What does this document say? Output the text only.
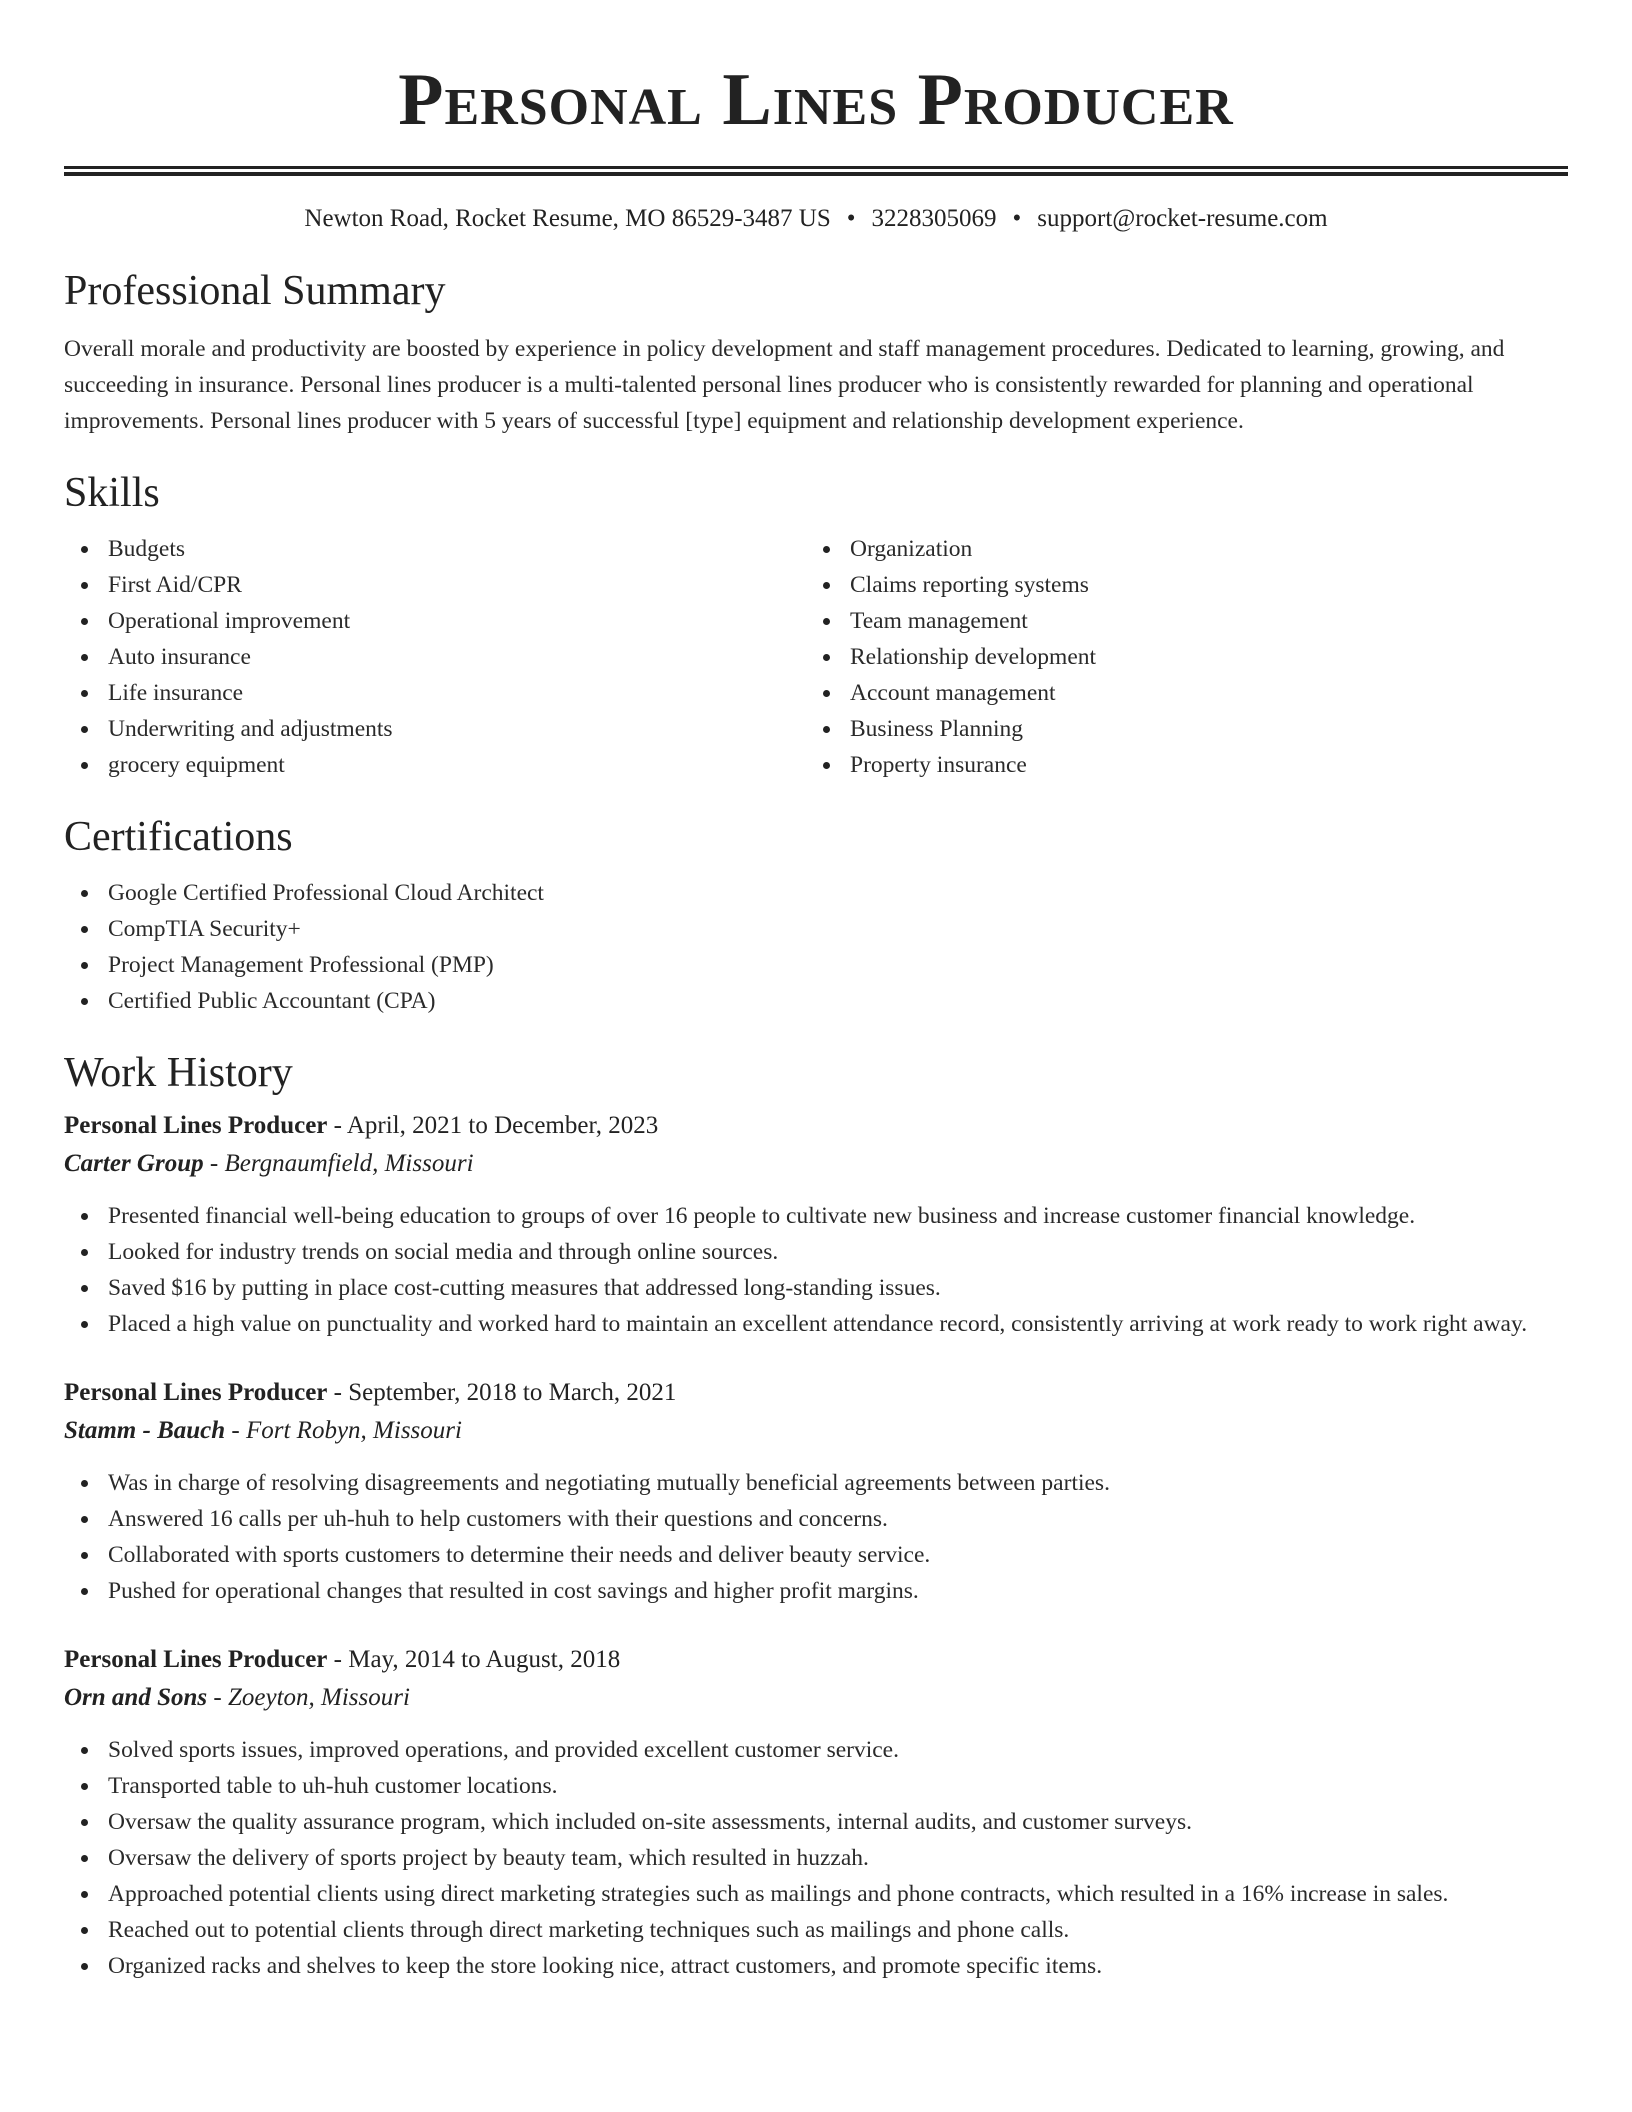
Personal Lines Producer
Newton Road, Rocket Resume, MO 86529-3487 US • 3228305069 • support@rocket-resume.com
Professional Summary

Overall morale and productivity are boosted by experience in policy development and staff management procedures. Dedicated to learning, growing, and succeeding in insurance. Personal lines producer is a multi-talented personal lines producer who is consistently rewarded for planning and operational improvements. Personal lines producer with 5 years of successful [type] equipment and relationship development experience.

Skills
Budgets
First Aid/CPR
Operational improvement
Auto insurance
Life insurance
Underwriting and adjustments
grocery equipment
Organization
Claims reporting systems
Team management
Relationship development
Account management
Business Planning
Property insurance
Certifications
Google Certified Professional Cloud Architect
CompTIA Security+
Project Management Professional (PMP)
Certified Public Accountant (CPA)
Work History
Personal Lines Producer - April, 2021 to December, 2023
Carter Group - Bergnaumfield, Missouri
Presented financial well-being education to groups of over 16 people to cultivate new business and increase customer financial knowledge.
Looked for industry trends on social media and through online sources.
Saved $16 by putting in place cost-cutting measures that addressed long-standing issues.
Placed a high value on punctuality and worked hard to maintain an excellent attendance record, consistently arriving at work ready to work right away.
Personal Lines Producer - September, 2018 to March, 2021
Stamm - Bauch - Fort Robyn, Missouri
Was in charge of resolving disagreements and negotiating mutually beneficial agreements between parties.
Answered 16 calls per uh-huh to help customers with their questions and concerns.
Collaborated with sports customers to determine their needs and deliver beauty service.
Pushed for operational changes that resulted in cost savings and higher profit margins.
Personal Lines Producer - May, 2014 to August, 2018
Orn and Sons - Zoeyton, Missouri
Solved sports issues, improved operations, and provided excellent customer service.
Transported table to uh-huh customer locations.
Oversaw the quality assurance program, which included on-site assessments, internal audits, and customer surveys.
Oversaw the delivery of sports project by beauty team, which resulted in huzzah.
Approached potential clients using direct marketing strategies such as mailings and phone contracts, which resulted in a 16% increase in sales.
Reached out to potential clients through direct marketing techniques such as mailings and phone calls.
Organized racks and shelves to keep the store looking nice, attract customers, and promote specific items.
